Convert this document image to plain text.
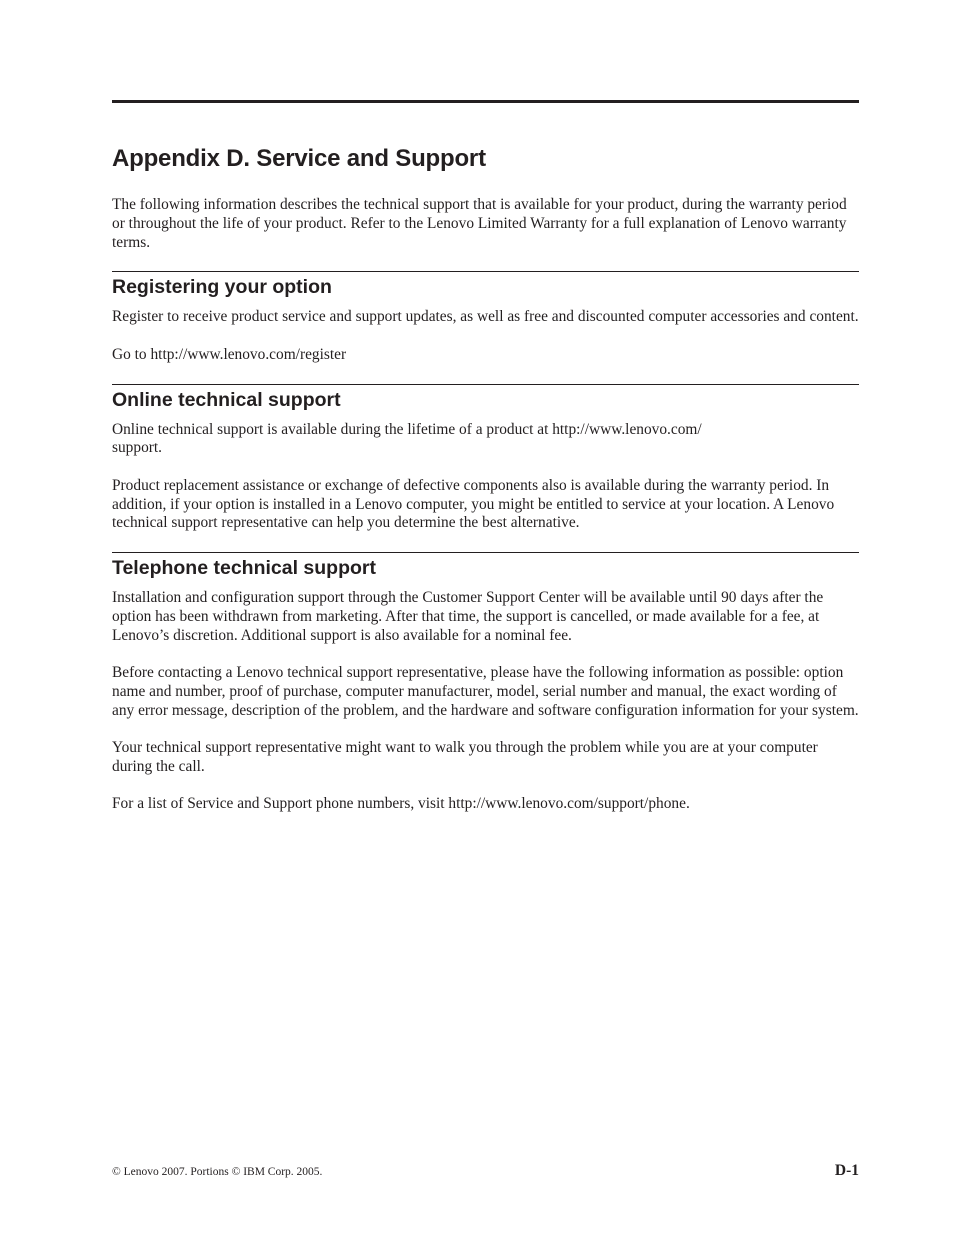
Appendix D. Service and Support

The following information describes the technical support that is available for your product, during the warranty period or throughout the life of your product. Refer to the Lenovo Limited Warranty for a full explanation of Lenovo warranty terms.

Registering your option

Register to receive product service and support updates, as well as free and discounted computer accessories and content.

Go to http://www.lenovo.com/register

Online technical support

Online technical support is available during the lifetime of a product at http://www.lenovo.com/
support.

Product replacement assistance or exchange of defective components also is available during the warranty period. In addition, if your option is installed in a Lenovo computer, you might be entitled to service at your location. A Lenovo technical support representative can help you determine the best alternative.

Telephone technical support

Installation and configuration support through the Customer Support Center will be available until 90 days after the option has been withdrawn from marketing. After that time, the support is cancelled, or made available for a fee, at Lenovo’s discretion. Additional support is also available for a nominal fee.

Before contacting a Lenovo technical support representative, please have the following information as possible: option name and number, proof of purchase, computer manufacturer, model, serial number and manual, the exact wording of any error message, description of the problem, and the hardware and software configuration information for your system.

Your technical support representative might want to walk you through the problem while you are at your computer during the call.

For a list of Service and Support phone numbers, visit http://www.lenovo.com/support/phone.

© Lenovo 2007. Portions © IBM Corp. 2005.	D-1
